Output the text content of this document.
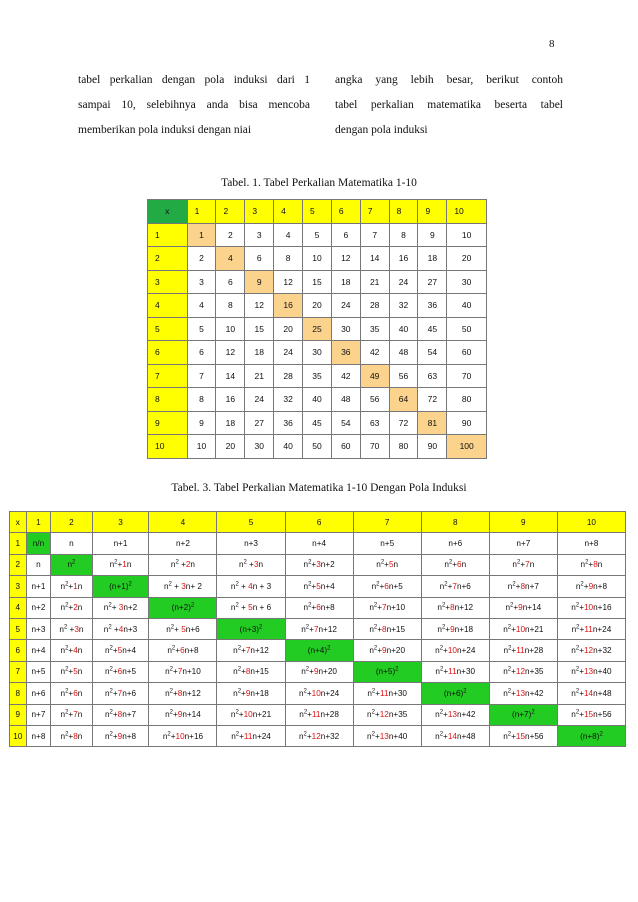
8
tabel perkalian dengan pola induksi dari 1
sampai 10, selebihnya anda bisa mencoba
memberikan pola induksi dengan niai
angka yang lebih besar, berikut contoh
tabel perkalian matematika beserta tabel
dengan pola induksi
Tabel. 1. Tabel Perkalian Matematika 1-10
x	1	2	3	4	5	6	7	8	9	10
1	1	2	3	4	5	6	7	8	9	10
2	2	4	6	8	10	12	14	16	18	20
3	3	6	9	12	15	18	21	24	27	30
4	4	8	12	16	20	24	28	32	36	40
5	5	10	15	20	25	30	35	40	45	50
6	6	12	18	24	30	36	42	48	54	60
7	7	14	21	28	35	42	49	56	63	70
8	8	16	24	32	40	48	56	64	72	80
9	9	18	27	36	45	54	63	72	81	90
10	10	20	30	40	50	60	70	80	90	100
Tabel. 3. Tabel Perkalian Matematika 1-10 Dengan Pola Induksi
x	1	2	3	4	5	6	7	8	9	10
1	n/n	n	n+1	n+2	n+3	n+4	n+5	n+6	n+7	n+8
2	n	$n^2$	$n^2+1n$	$n^2 +2n$	$n^2 +3n$	$n^2+3n+2$	$n^2+5n$	$n^2+6n$	$n^2+7n$	$n^2+8n$
3	n+1	$n^2+1n$	$(n+1)^2$	$n^2 + 3n+ 2$	$n^2 + 4n + 3$	$n^2+5n+4$	$n^2+6n+5$	$n^2+7n+6$	$n^2+8n+7$	$n^2+9n+8$
4	n+2	$n^2+2n$	$n^2+ 3n+2$	$(n+2)^2$	$n^2 + 5n + 6$	$n^2+6n+8$	$n^2+7n+10$	$n^2+8n+12$	$n^2+9n+14$	$n^2+10n+16$
5	n+3	$n^2 +3n$	$n^2 +4n+3$	$n^2+ 5n+6$	$(n+3)^2$	$n^2+7n+12$	$n^2+8n+15$	$n^2+9n+18$	$n^2+10n+21$	$n^2+11n+24$
6	n+4	$n^2+4n$	$n^2+5n+4$	$n^2+6n+8$	$n^2+7n+12$	$(n+4)^2$	$n^2+9n+20$	$n^2+10n+24$	$n^2+11n+28$	$n^2+12n+32$
7	n+5	$n^2+5n$	$n^2+6n+5$	$n^2+7n+10$	$n^2+8n+15$	$n^2+9n+20$	$(n+5)^2$	$n^2+11n+30$	$n^2+12n+35$	$n^2+13n+40$
8	n+6	$n^2+6n$	$n^2+7n+6$	$n^2+8n+12$	$n^2+9n+18$	$n^2+10n+24$	$n^2+11n+30$	$(n+6)^2$	$n^2+13n+42$	$n^2+14n+48$
9	n+7	$n^2+7n$	$n^2+8n+7$	$n^2+9n+14$	$n^2+10n+21$	$n^2+11n+28$	$n^2+12n+35$	$n^2+13n+42$	$(n+7)^2$	$n^2+15n+56$
10	n+8	$n^2+8n$	$n^2+9n+8$	$n^2+10n+16$	$n^2+11n+24$	$n^2+12n+32$	$n^2+13n+40$	$n^2+14n+48$	$n^2+15n+56$	$(n+8)^2$
